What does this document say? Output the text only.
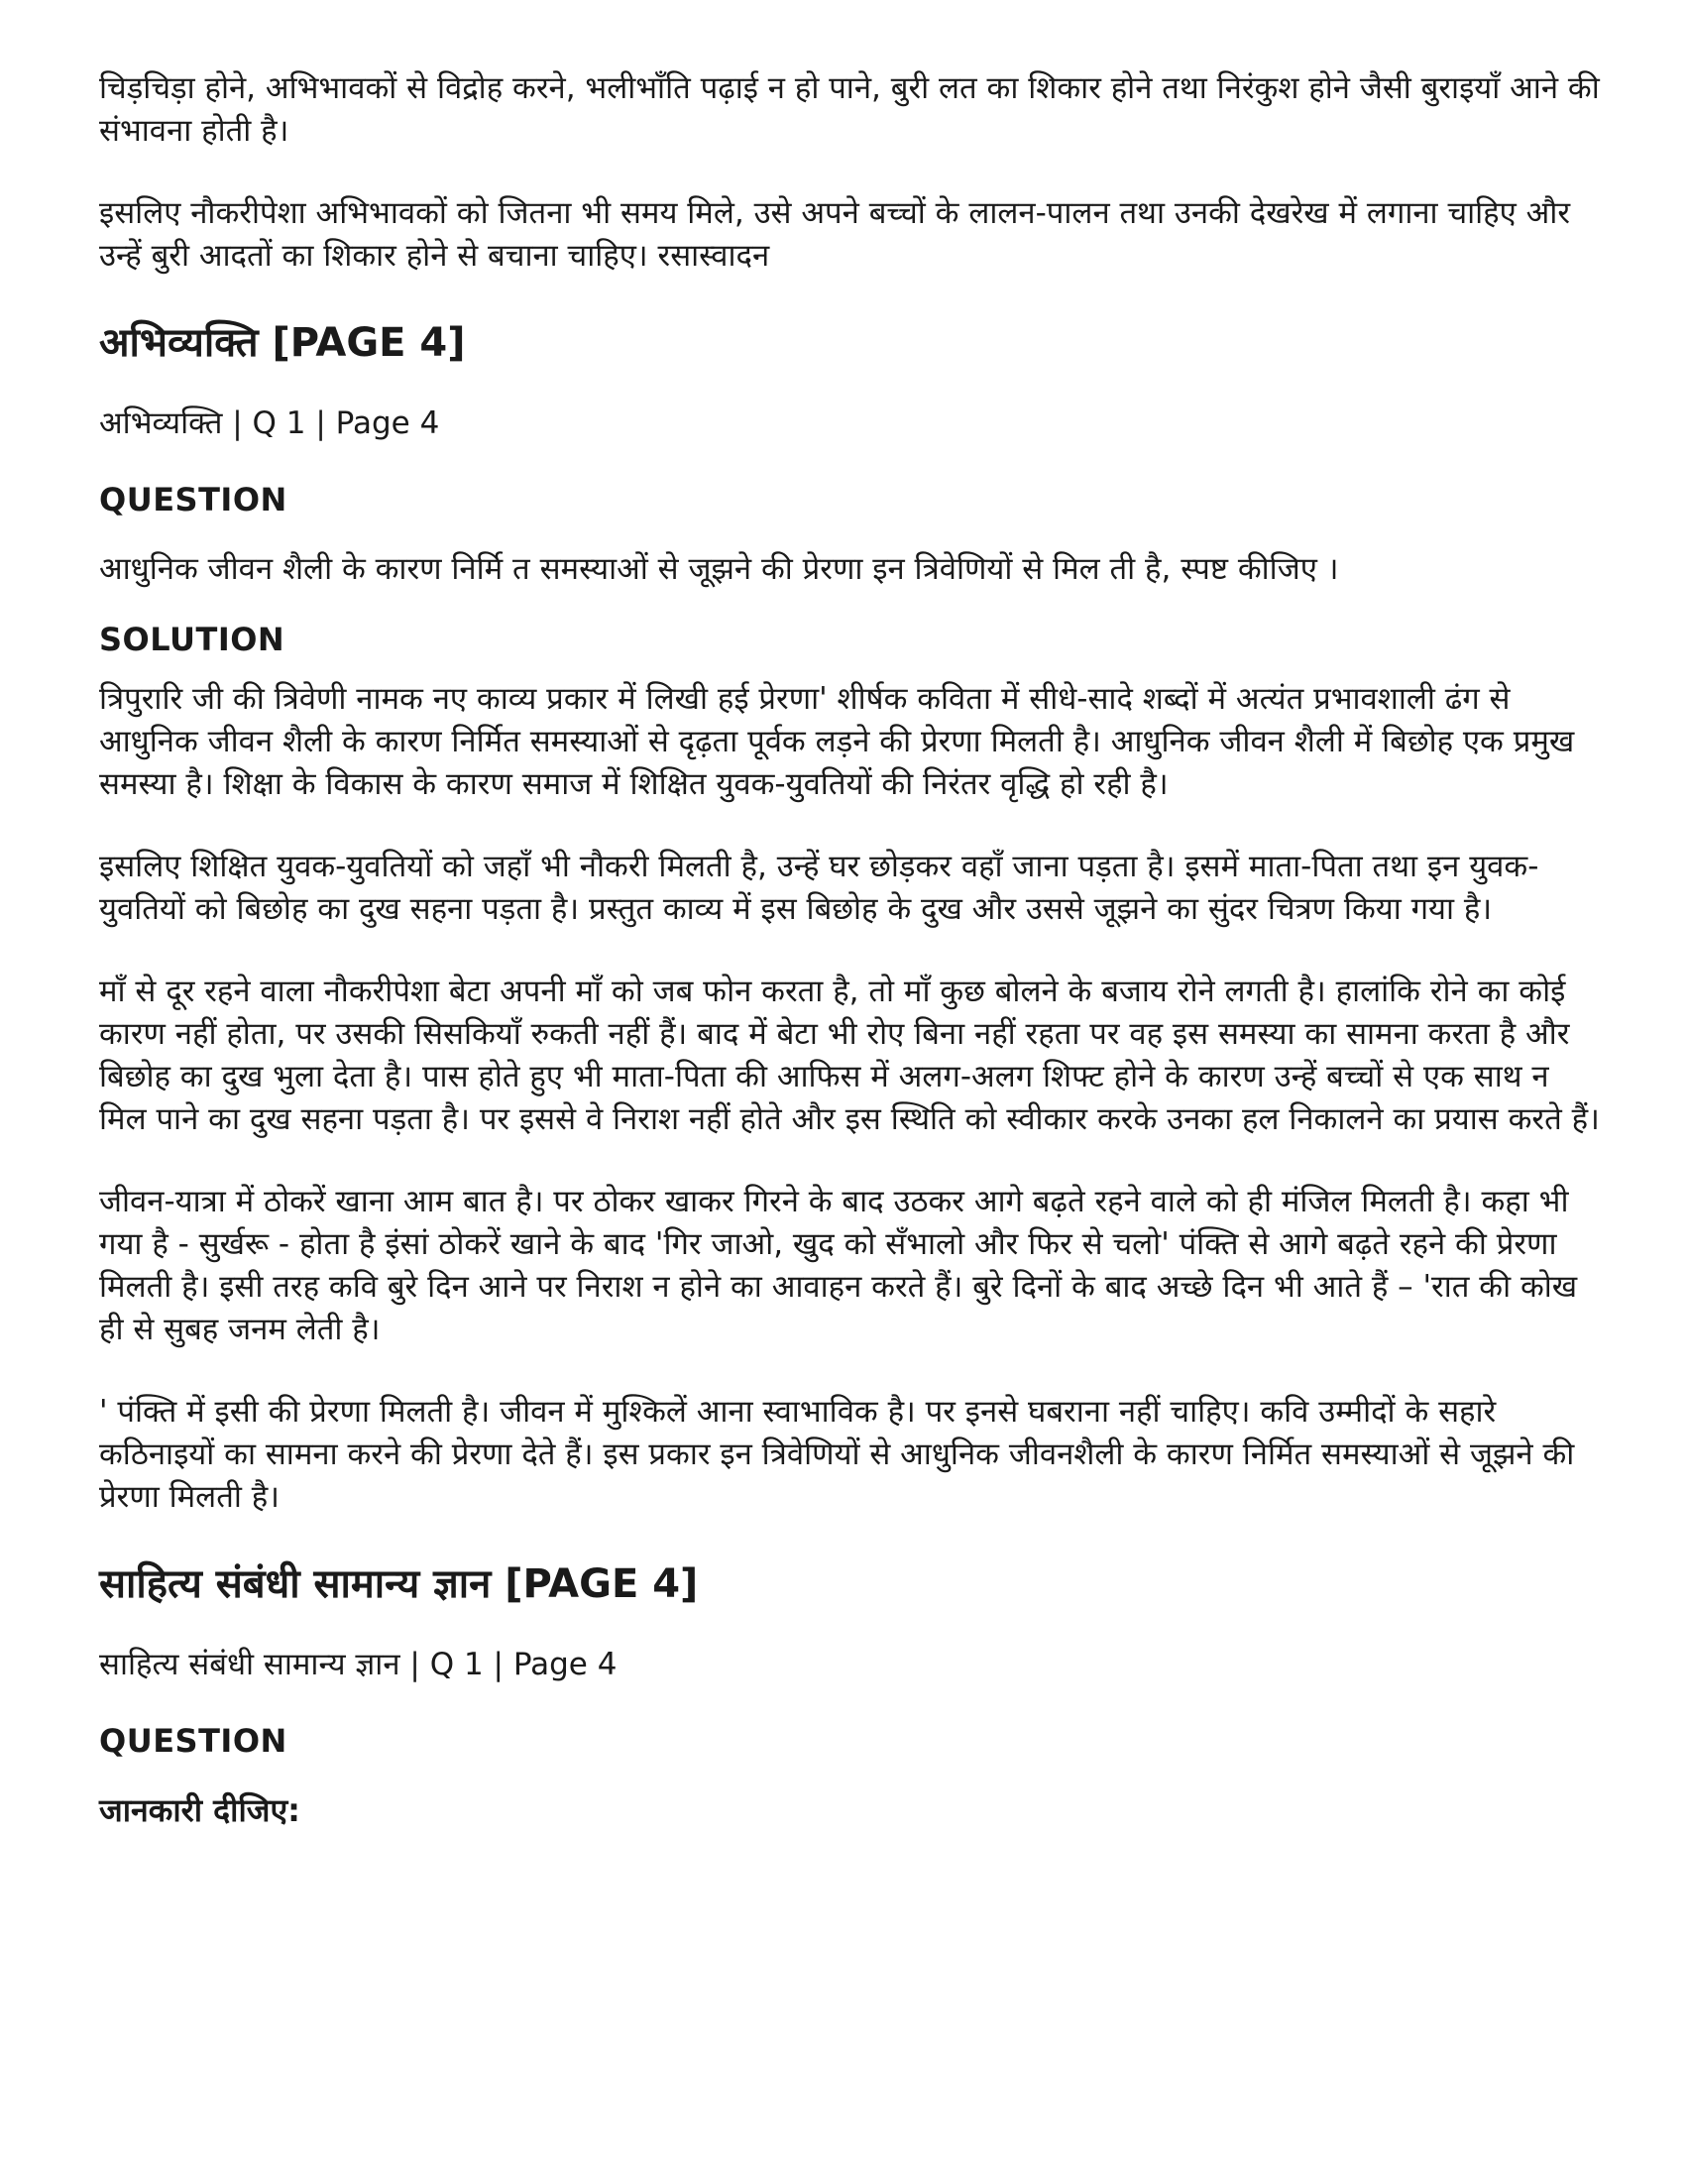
चिड़चिड़ा होने, अभिभावकों से विद्रोह करने, भलीभाँति पढ़ाई न हो पाने, बुरी लत का शिकार होने तथा निरंकुश होने जैसी बुराइयाँ आने की संभावना होती है।

इसलिए नौकरीपेशा अभिभावकों को जितना भी समय मिले, उसे अपने बच्चों के लालन-पालन तथा उनकी देखरेख में लगाना चाहिए और उन्हें बुरी आदतों का शिकार होने से बचाना चाहिए। रसास्वादन

अभिव्यक्ति [PAGE 4]

अभिव्यक्ति | Q 1 | Page 4

QUESTION

आधुनिक जीवन शैली के कारण निर्मि त समस्याओं से जूझने की प्रेरणा इन त्रिवेणियों से मिल ती है, स्पष्ट कीजिए ।

SOLUTION

त्रिपुरारि जी की त्रिवेणी नामक नए काव्य प्रकार में लिखी हई प्रेरणा' शीर्षक कविता में सीधे-सादे शब्दों में अत्यंत प्रभावशाली ढंग से आधुनिक जीवन शैली के कारण निर्मित समस्याओं से दृढ़ता पूर्वक लड़ने की प्रेरणा मिलती है। आधुनिक जीवन शैली में बिछोह एक प्रमुख समस्या है। शिक्षा के विकास के कारण समाज में शिक्षित युवक-युवतियों की निरंतर वृद्धि हो रही है।

इसलिए शिक्षित युवक-युवतियों को जहाँ भी नौकरी मिलती है, उन्हें घर छोड़कर वहाँ जाना पड़ता है। इसमें माता-पिता तथा इन युवक-युवतियों को बिछोह का दुख सहना पड़ता है। प्रस्तुत काव्य में इस बिछोह के दुख और उससे जूझने का सुंदर चित्रण किया गया है।

माँ से दूर रहने वाला नौकरीपेशा बेटा अपनी माँ को जब फोन करता है, तो माँ कुछ बोलने के बजाय रोने लगती है। हालांकि रोने का कोई कारण नहीं होता, पर उसकी सिसकियाँ रुकती नहीं हैं। बाद में बेटा भी रोए बिना नहीं रहता पर वह इस समस्या का सामना करता है और बिछोह का दुख भुला देता है। पास होते हुए भी माता-पिता की आफिस में अलग-अलग शिफ्ट होने के कारण उन्हें बच्चों से एक साथ न मिल पाने का दुख सहना पड़ता है। पर इससे वे निराश नहीं होते और इस स्थिति को स्वीकार करके उनका हल निकालने का प्रयास करते हैं।

जीवन-यात्रा में ठोकरें खाना आम बात है। पर ठोकर खाकर गिरने के बाद उठकर आगे बढ़ते रहने वाले को ही मंजिल मिलती है। कहा भी गया है - सुर्खरू - होता है इंसां ठोकरें खाने के बाद 'गिर जाओ, खुद को सँभालो और फिर से चलो' पंक्ति से आगे बढ़ते रहने की प्रेरणा मिलती है। इसी तरह कवि बुरे दिन आने पर निराश न होने का आवाहन करते हैं। बुरे दिनों के बाद अच्छे दिन भी आते हैं – 'रात की कोख ही से सुबह जनम लेती है।

' पंक्ति में इसी की प्रेरणा मिलती है। जीवन में मुश्किलें आना स्वाभाविक है। पर इनसे घबराना नहीं चाहिए। कवि उम्मीदों के सहारे कठिनाइयों का सामना करने की प्रेरणा देते हैं। इस प्रकार इन त्रिवेणियों से आधुनिक जीवनशैली के कारण निर्मित समस्याओं से जूझने की प्रेरणा मिलती है।

साहित्य संबंधी सामान्य ज्ञान [PAGE 4]

साहित्य संबंधी सामान्य ज्ञान | Q 1 | Page 4

QUESTION
जानकारी दीजिए:
